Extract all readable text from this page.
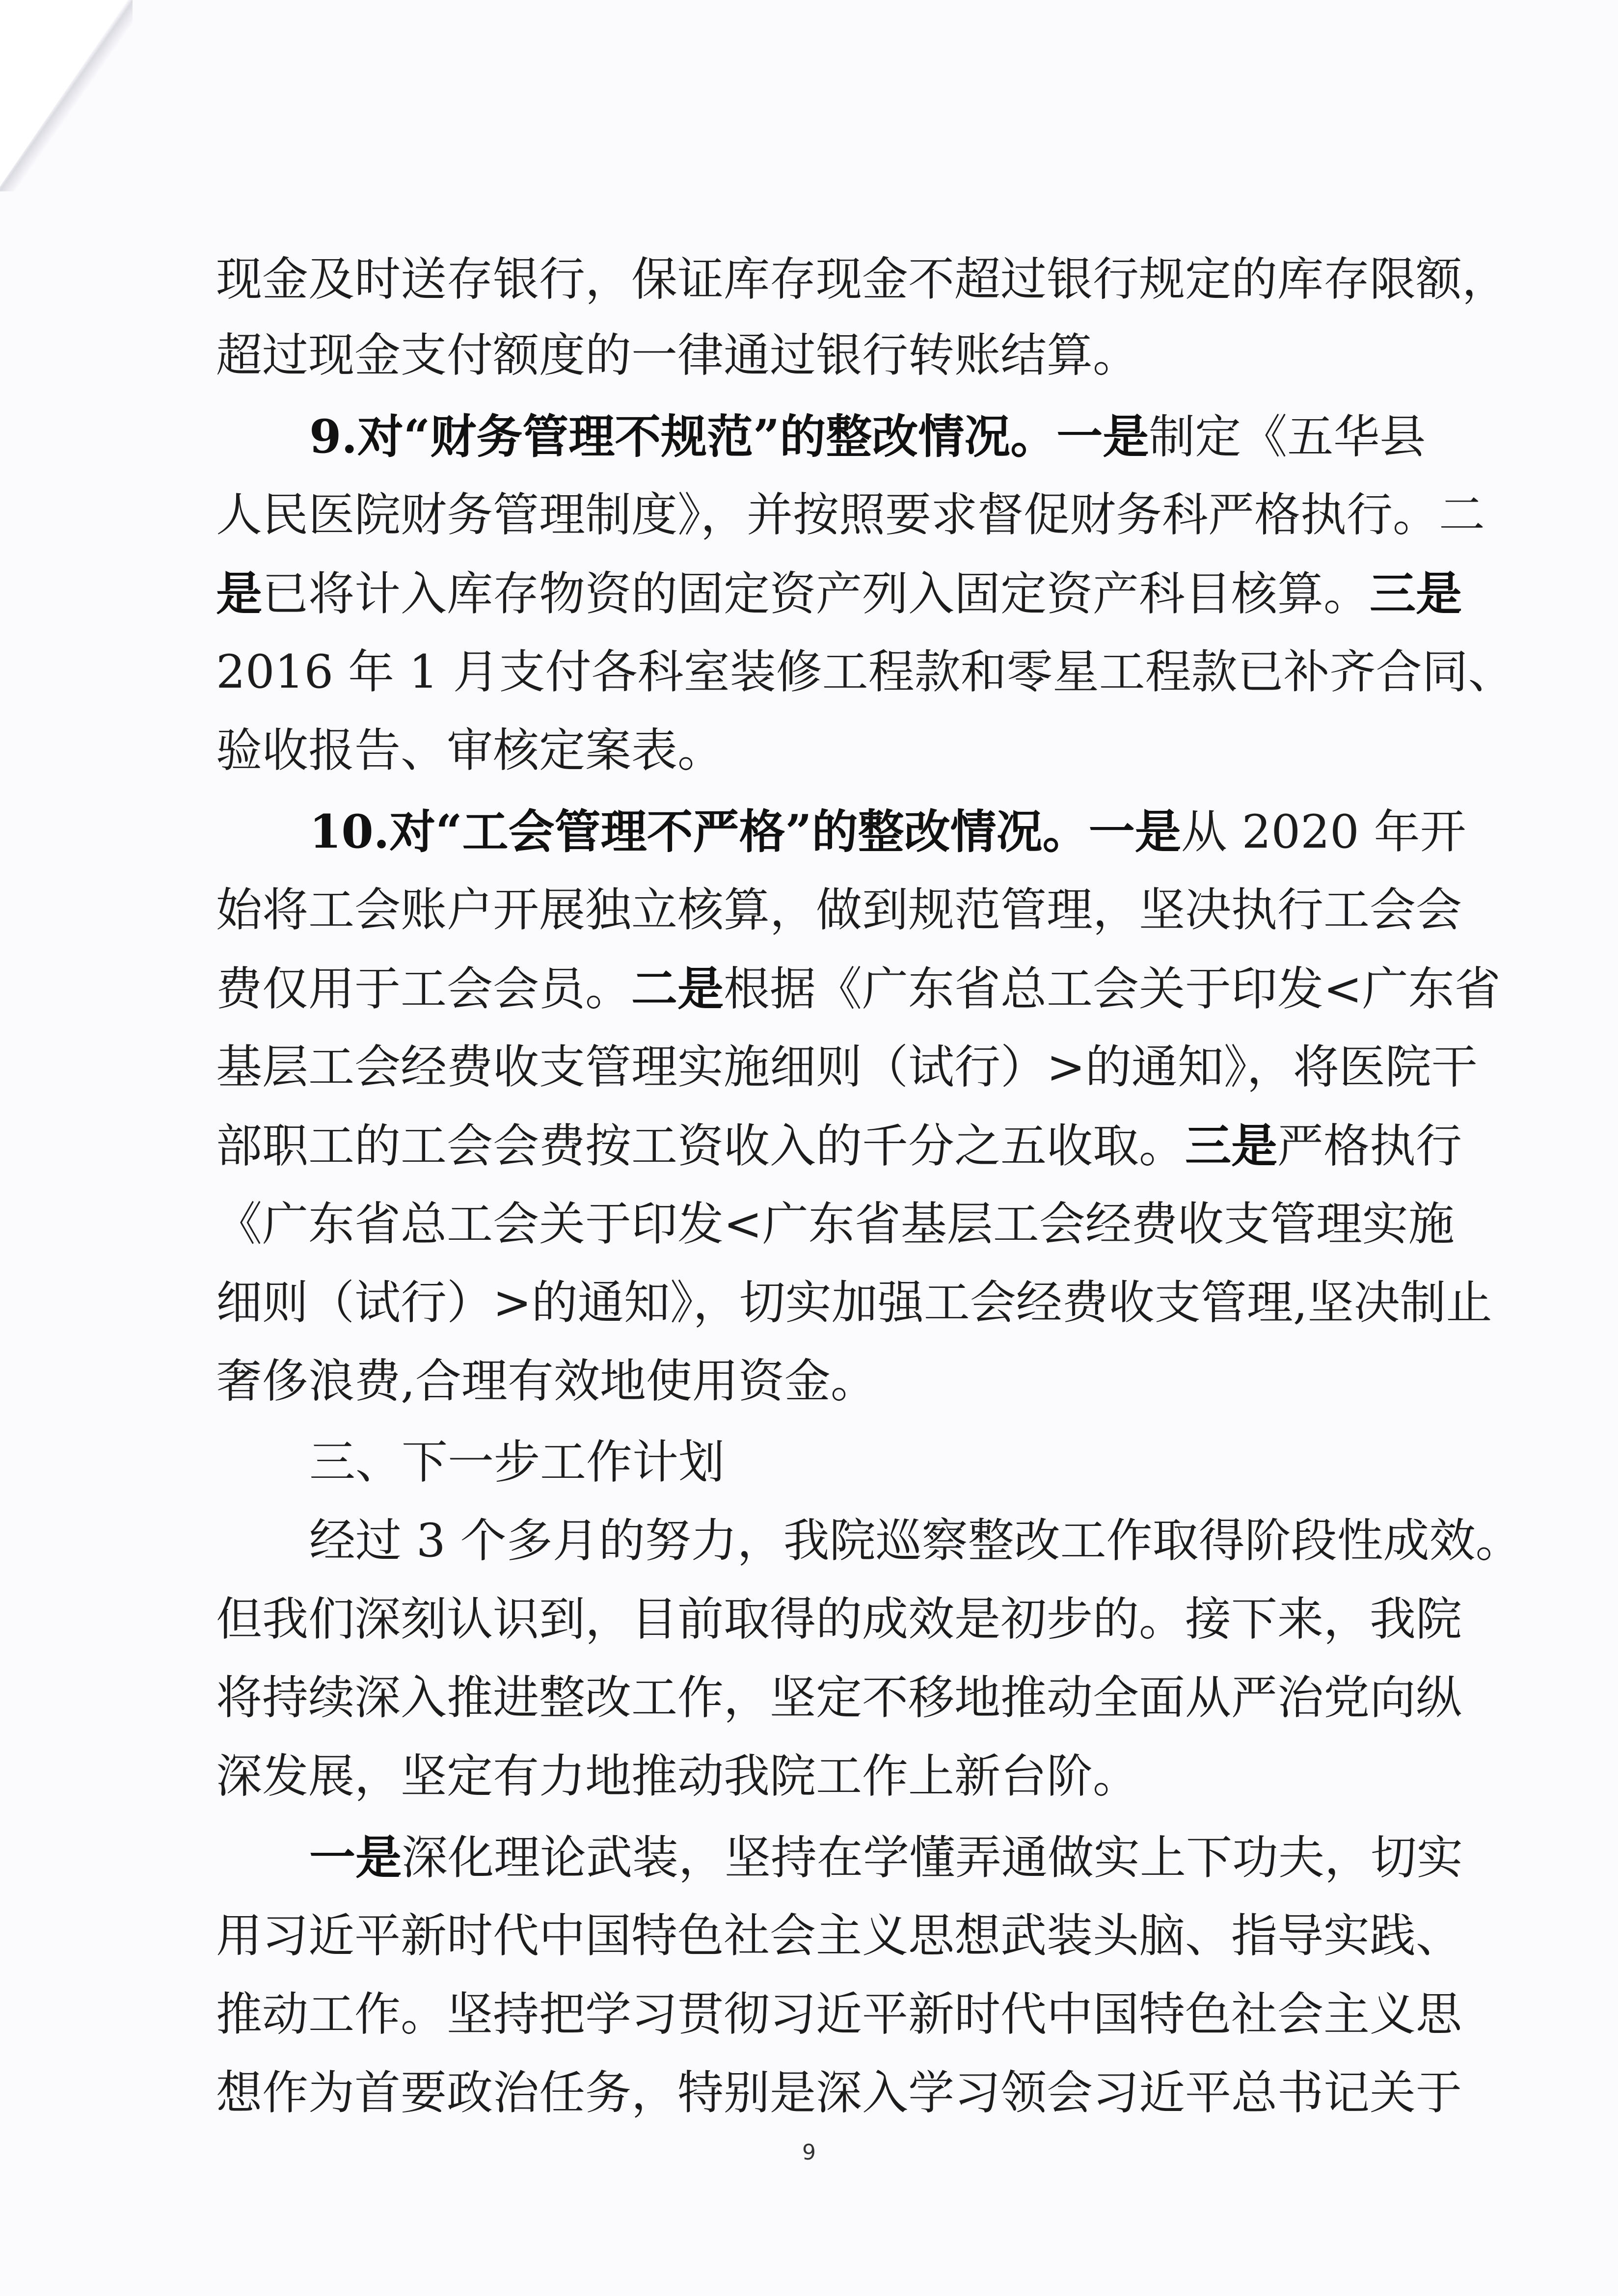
现金及时送存银行，保证库存现金不超过银行规定的库存限额，
超过现金支付额度的一律通过银行转账结算。
9.对“财务管理不规范”的整改情况。一是制定《五华县
人民医院财务管理制度》，并按照要求督促财务科严格执行。二
是已将计入库存物资的固定资产列入固定资产科目核算。三是
2016 年 1 月支付各科室装修工程款和零星工程款已补齐合同、
验收报告、审核定案表。
10.对“工会管理不严格”的整改情况。一是从 2020 年开
始将工会账户开展独立核算，做到规范管理，坚决执行工会会
费仅用于工会会员。二是根据《广东省总工会关于印发<广东省
基层工会经费收支管理实施细则（试行）>的通知》，将医院干
部职工的工会会费按工资收入的千分之五收取。三是严格执行
《广东省总工会关于印发<广东省基层工会经费收支管理实施
细则（试行）>的通知》，切实加强工会经费收支管理,坚决制止
奢侈浪费,合理有效地使用资金。
三、下一步工作计划
经过 3 个多月的努力，我院巡察整改工作取得阶段性成效。
但我们深刻认识到，目前取得的成效是初步的。接下来，我院
将持续深入推进整改工作，坚定不移地推动全面从严治党向纵
深发展，坚定有力地推动我院工作上新台阶。
一是深化理论武装，坚持在学懂弄通做实上下功夫，切实
用习近平新时代中国特色社会主义思想武装头脑、指导实践、
推动工作。坚持把学习贯彻习近平新时代中国特色社会主义思
想作为首要政治任务，特别是深入学习领会习近平总书记关于
9
